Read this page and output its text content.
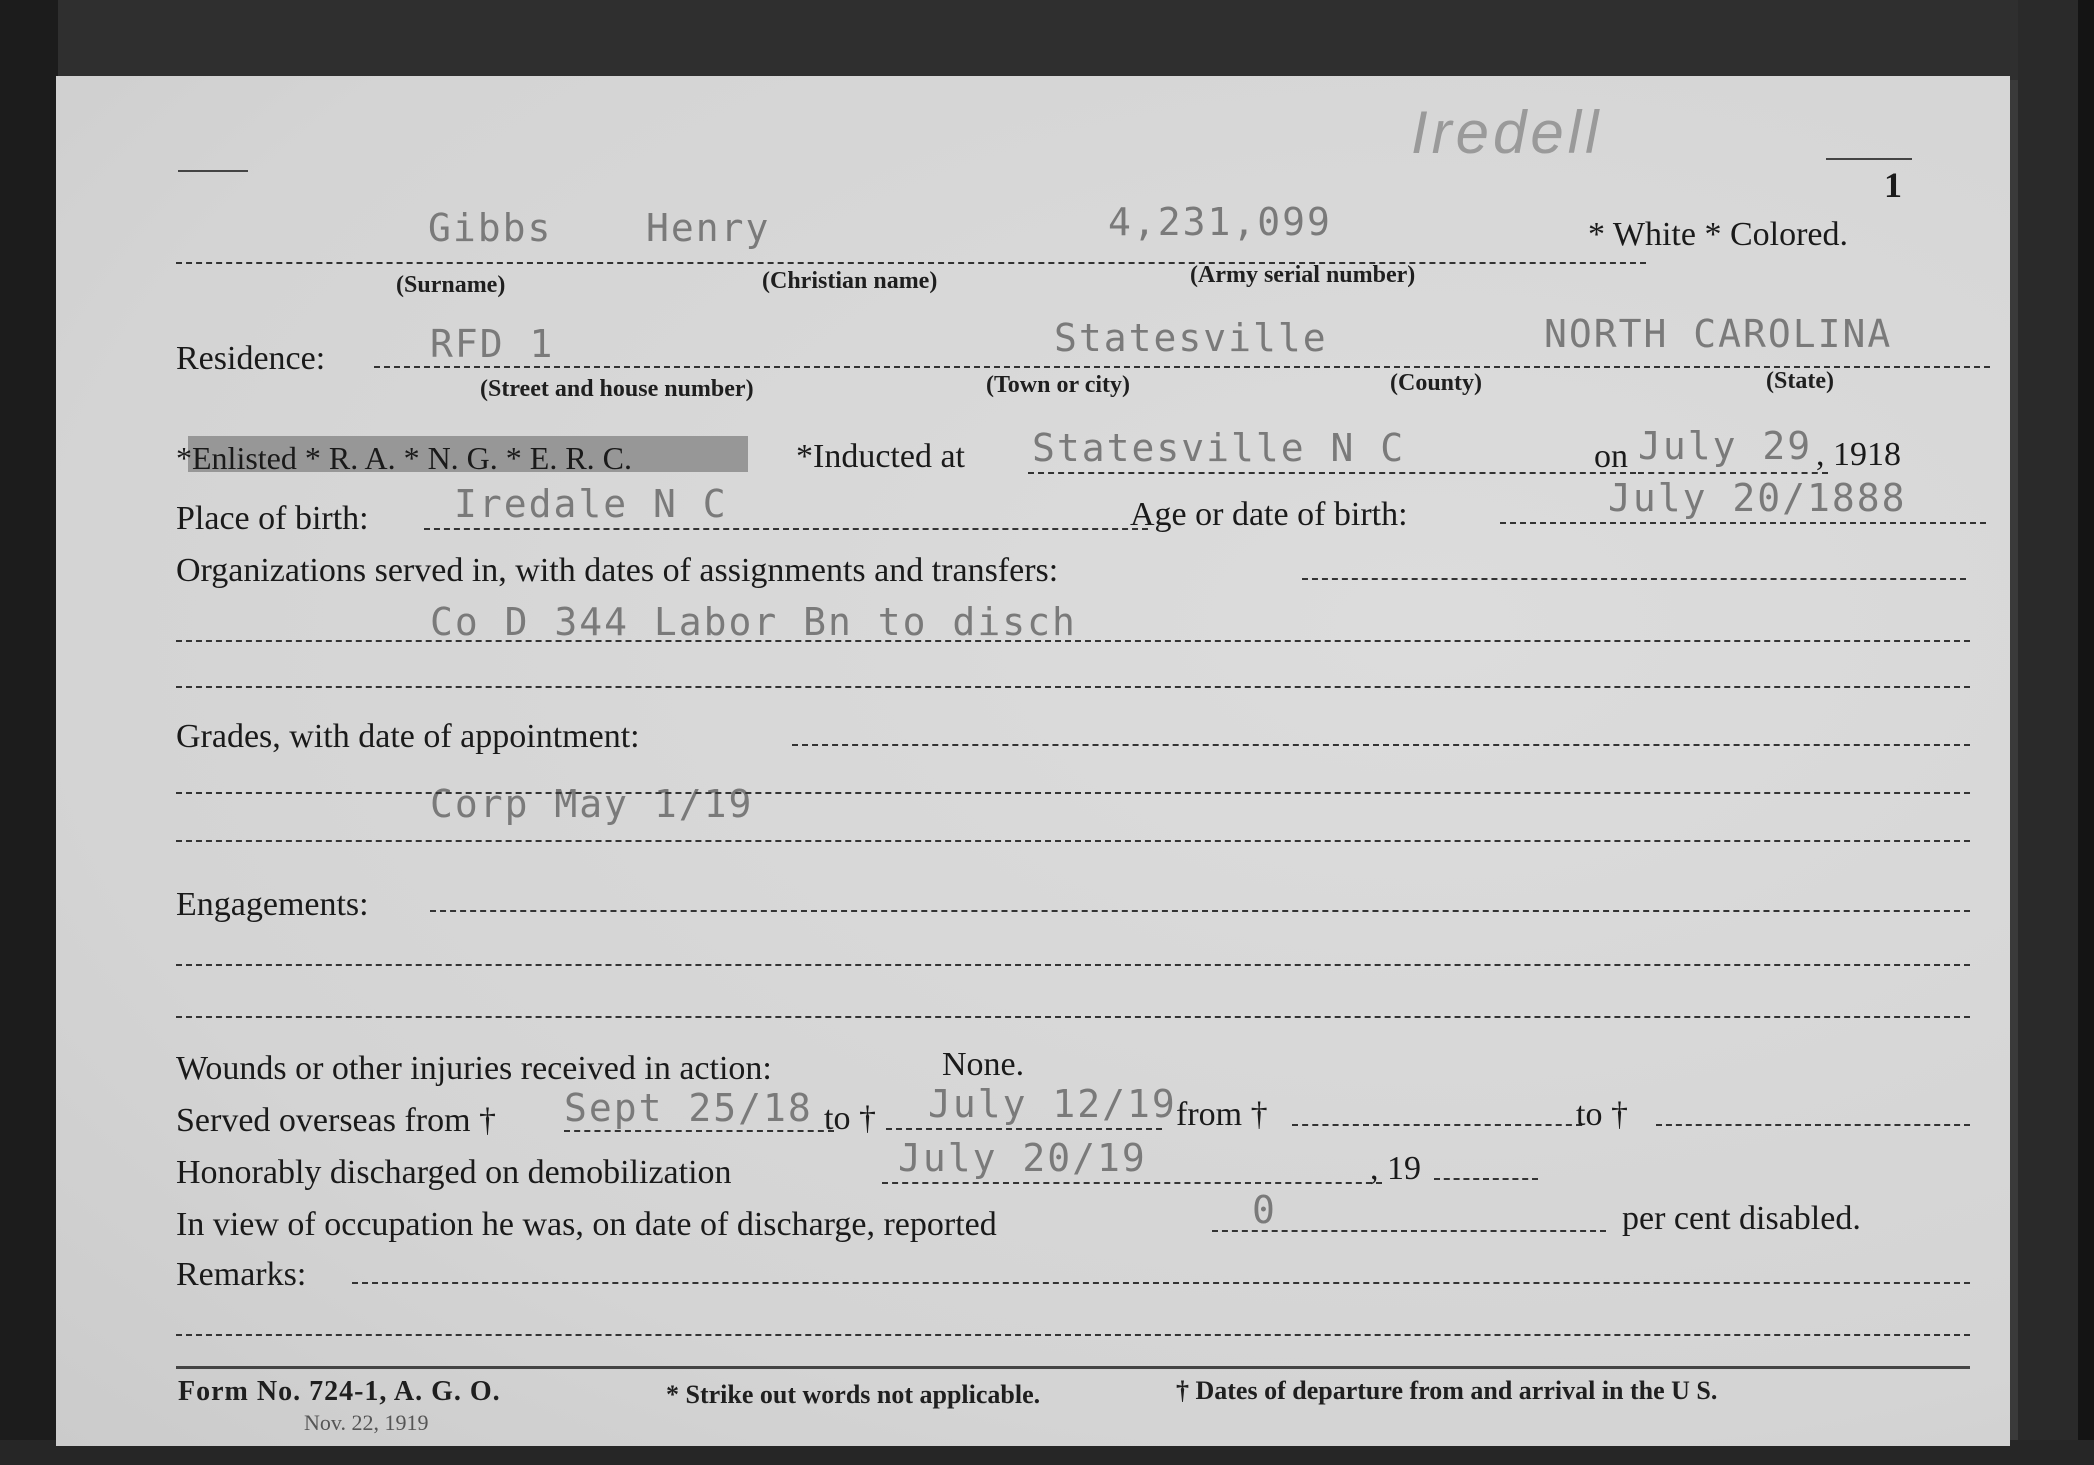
Iredell
1
Gibbs Henry	4,231,099	* White * Colored.
(Surname)	(Christian name)	(Army serial number)
Residence:	RFD 1	Statesville	NORTH CAROLINA
(Street and house number)	(Town or city)	(County)	(State)
*Enlisted * R. A. * N. G. * E. R. C.	*Inducted at Statesville N C	on July 29 , 1918
Place of birth: Iredale N C	Age or date of birth:	July 20/1888
Organizations served in, with dates of assignments and transfers:
Co D 344 Labor Bn to disch
Grades, with date of appointment:
Corp May 1/19
Engagements:
Wounds or other injuries received in action:	None.
Served overseas from † Sept 25/18 to † July 12/19 from †	to †
Honorably discharged on demobilization	July 20/19	, 19
In view of occupation he was, on date of discharge, reported	0	per cent disabled.
Remarks:
Form No. 724-1, A. G. O.	* Strike out words not applicable.	† Dates of departure from and arrival in the U S.
Nov. 22, 1919
